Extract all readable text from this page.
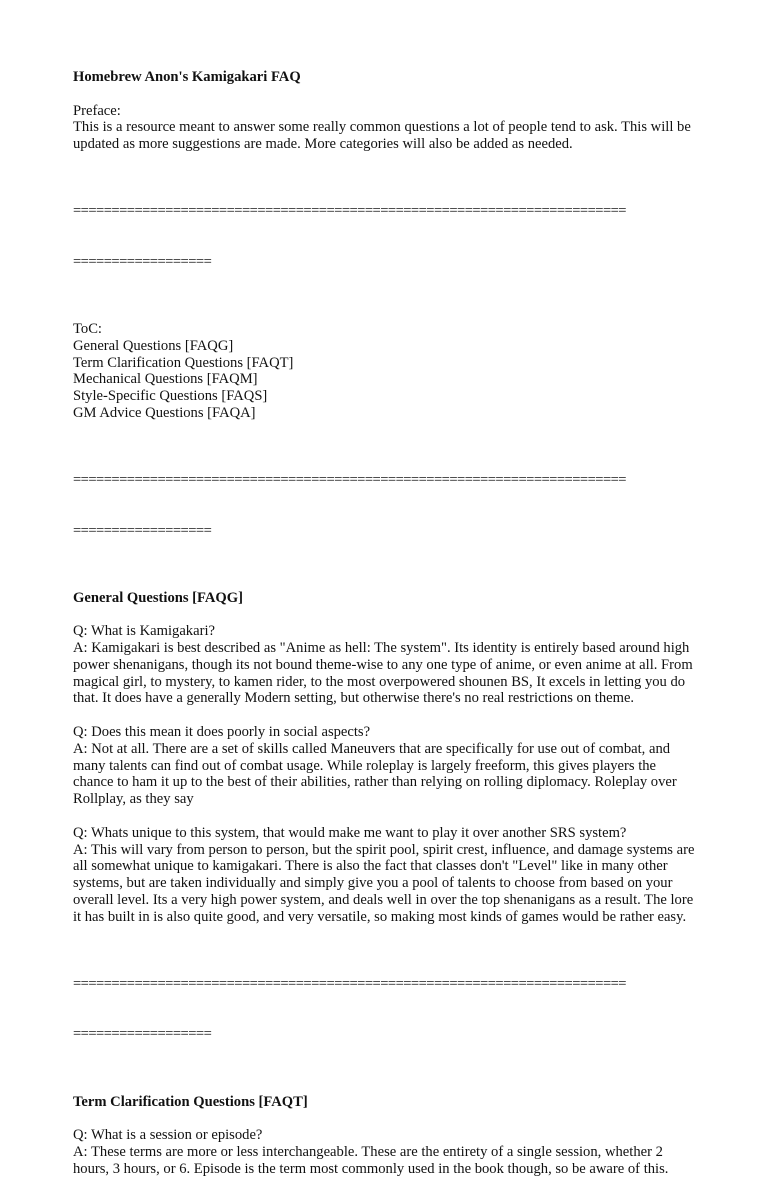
Homebrew Anon's Kamigakari FAQ

Preface:

This is a resource meant to answer some really common questions a lot of people tend to ask. This will be updated as more suggestions are made. More categories will also be added as needed.

========================================================================

==================

ToC:

General Questions [FAQG]

Term Clarification Questions [FAQT]

Mechanical Questions [FAQM]

Style-Specific Questions [FAQS]

GM Advice Questions [FAQA]

========================================================================

==================

General Questions [FAQG]

Q: What is Kamigakari?

A: Kamigakari is best described as "Anime as hell: The system". Its identity is entirely based around high power shenanigans, though its not bound theme-wise to any one type of anime, or even anime at all. From magical girl, to mystery, to kamen rider, to the most overpowered shounen BS, It excels in letting you do that. It does have a generally Modern setting, but otherwise there's no real restrictions on theme.

Q: Does this mean it does poorly in social aspects?

A: Not at all. There are a set of skills called Maneuvers that are specifically for use out of combat, and many talents can find out of combat usage. While roleplay is largely freeform, this gives players the chance to ham it up to the best of their abilities, rather than relying on rolling diplomacy. Roleplay over Rollplay, as they say

Q: Whats unique to this system, that would make me want to play it over another SRS system?

A: This will vary from person to person, but the spirit pool, spirit crest, influence, and damage systems are all somewhat unique to kamigakari. There is also the fact that classes don't "Level" like in many other systems, but are taken individually and simply give you a pool of talents to choose from based on your overall level. Its a very high power system, and deals well in over the top shenanigans as a result. The lore it has built in is also quite good, and very versatile, so making most kinds of games would be rather easy.

========================================================================

==================

Term Clarification Questions [FAQT]

Q: What is a session or episode?

A: These terms are more or less interchangeable. These are the entirety of a single session, whether 2 hours, 3 hours, or 6. Episode is the term most commonly used in the book though, so be aware of this.
